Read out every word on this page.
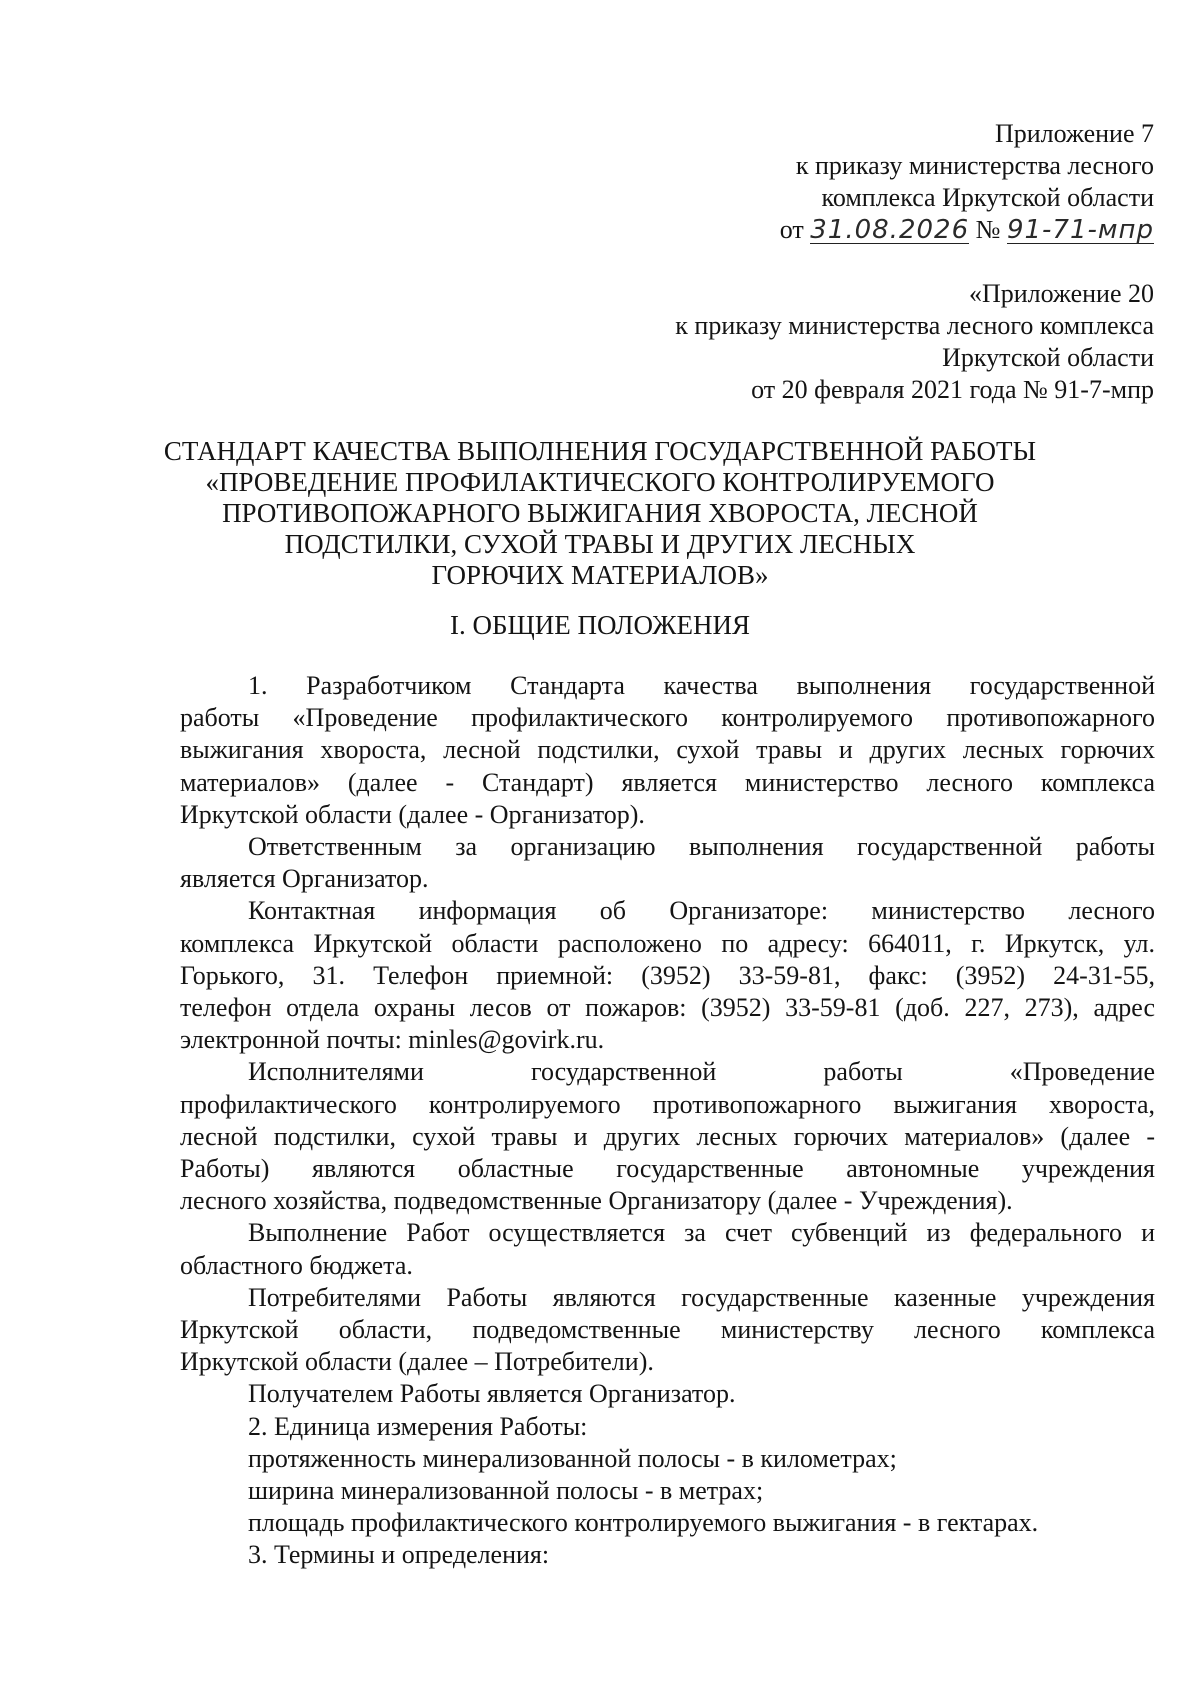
Приложение 7
к приказу министерства лесного
комплекса Иркутской области
от 31.08.2026 № 91-71-мпр
«Приложение 20
к приказу министерства лесного комплекса
Иркутской области
от 20 февраля 2021 года № 91-7-мпр
СТАНДАРТ КАЧЕСТВА ВЫПОЛНЕНИЯ ГОСУДАРСТВЕННОЙ РАБОТЫ
«ПРОВЕДЕНИЕ ПРОФИЛАКТИЧЕСКОГО КОНТРОЛИРУЕМОГО
ПРОТИВОПОЖАРНОГО ВЫЖИГАНИЯ ХВОРОСТА, ЛЕСНОЙ
ПОДСТИЛКИ, СУХОЙ ТРАВЫ И ДРУГИХ ЛЕСНЫХ
ГОРЮЧИХ МАТЕРИАЛОВ»
I. ОБЩИЕ ПОЛОЖЕНИЯ

1. Разработчиком Стандарта качества выполнения государственной

работы «Проведение профилактического контролируемого противопожарного

выжигания хвороста, лесной подстилки, сухой травы и других лесных горючих

материалов» (далее - Стандарт) является министерство лесного комплекса

Иркутской области (далее - Организатор).

Ответственным за организацию выполнения государственной работы

является Организатор.

Контактная информация об Организаторе: министерство лесного

комплекса Иркутской области расположено по адресу: 664011, г. Иркутск, ул.

Горького, 31. Телефон приемной: (3952) 33-59-81, факс: (3952) 24-31-55,

телефон отдела охраны лесов от пожаров: (3952) 33-59-81 (доб. 227, 273), адрес

электронной почты: minles@govirk.ru.

Исполнителями государственной работы «Проведение

профилактического контролируемого противопожарного выжигания хвороста,

лесной подстилки, сухой травы и других лесных горючих материалов» (далее -

Работы) являются областные государственные автономные учреждения

лесного хозяйства, подведомственные Организатору (далее - Учреждения).

Выполнение Работ осуществляется за счет субвенций из федерального и

областного бюджета.

Потребителями Работы являются государственные казенные учреждения

Иркутской области, подведомственные министерству лесного комплекса

Иркутской области (далее – Потребители).

Получателем Работы является Организатор.

2. Единица измерения Работы:

протяженность минерализованной полосы - в километрах;

ширина минерализованной полосы - в метрах;

площадь профилактического контролируемого выжигания - в гектарах.

3. Термины и определения:
